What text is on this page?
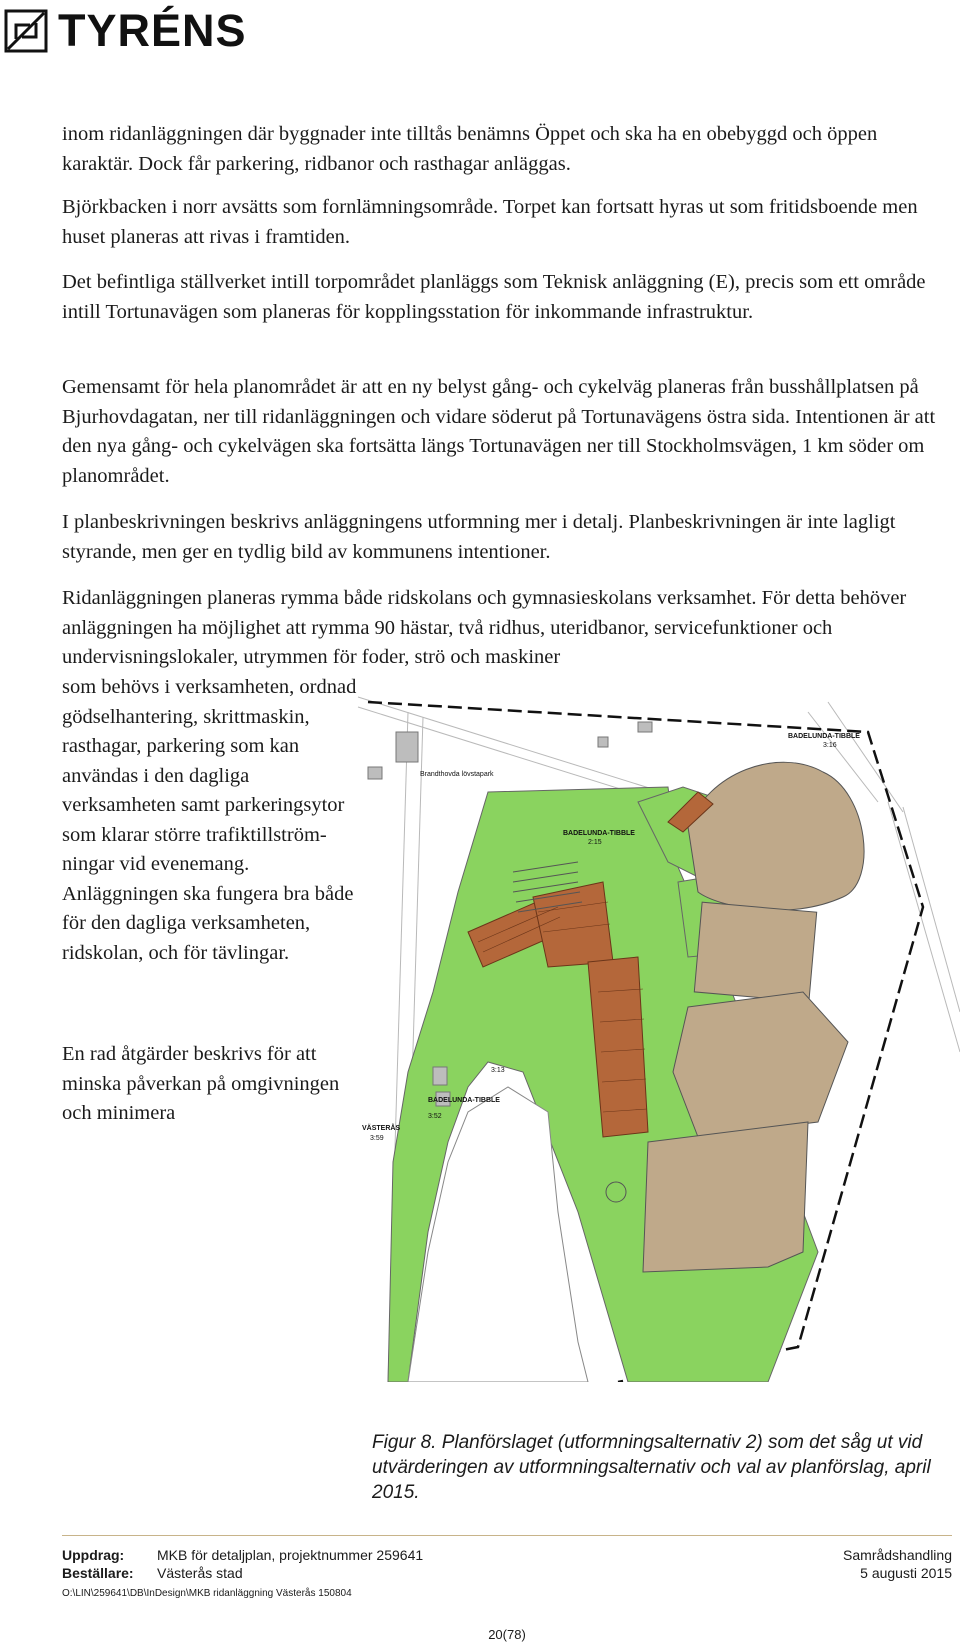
TYRÉNS

inom ridanläggningen där byggnader inte tilltås benämns Öppet och ska ha en obebyggd och öppen karaktär. Dock får parkering, ridbanor och rasthagar anläggas.

Björkbacken i norr avsätts som fornlämningsområde. Torpet kan fortsatt hyras ut som fritidsboende men huset planeras att rivas i framtiden.

Det befintliga ställverket intill torpområdet planläggs som Teknisk anläggning (E), precis som ett område intill Tortunavägen som planeras för kopplingsstation för inkommande infrastruktur.

Gemensamt för hela planområdet är att en ny belyst gång- och cykelväg planeras från busshållplatsen på Bjurhovdagatan, ner till ridanläggningen och vidare söderut på Tortunavägens östra sida. Intentionen är att den nya gång- och cykelvägen ska fortsätta längs Tortunavägen ner till Stockholmsvägen, 1 km söder om planområdet.

I planbeskrivningen beskrivs anläggningens utformning mer i detalj. Planbeskrivningen är inte lagligt styrande, men ger en tydlig bild av kommunens intentioner.

Ridanläggningen planeras rymma både ridskolans och gymnasieskolans verksamhet. För detta behöver anläggningen ha möjlighet att rymma 90 hästar, två ridhus, uteridbanor, servicefunktioner och undervisningslokaler, utrymmen för foder, strö och maskiner

som behövs i verksamheten, ordnad gödselhantering, skrittmaskin, rasthagar, parkering som kan användas i den dagliga verksamheten samt parkeringsytor som klarar större trafiktillströmningar vid evenemang. Anläggningen ska fungera bra både för den dagliga verksamheten, ridskolan, och för tävlingar.

En rad åtgärder beskrivs för att minska påverkan på omgivningen och minimera

BADELUNDA-TIBBLE
3:16
BADELUNDA-TIBBLE
2:15
BADELUNDA-TIBBLE
3:52
VÄSTERÅS
3:59
3:13
Brandthovda lövstapark
Figur 8. Planförslaget (utformningsalternativ 2) som det såg ut vid utvärderingen av utformningsalternativ och val av planförslag, april 2015.
Uppdrag:	MKB för detaljplan, projektnummer 259641	Samrådshandling
Beställare:	Västerås stad	5 augusti 2015
O:\LIN\259641\DB\InDesign\MKB ridanläggning Västerås 150804
20(78)
